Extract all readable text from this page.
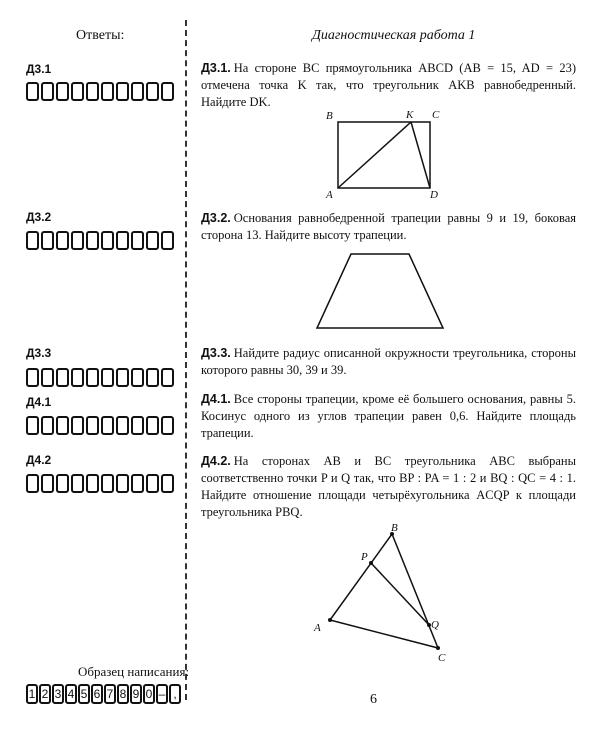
Ответы:	Диагностическая работа 1
Д3.1
Д3.2
Д3.3
Д4.1
Д4.2
Д3.1. На стороне BC прямоугольника ABCD (AB = 15, AD = 23) отмечена точка K так, что треугольник AKB равнобедренный. Найдите DK.
B	K C
A	D
Д3.2. Основания равнобедренной трапеции равны 9 и 19, боковая сторона 13. Найдите высоту трапеции.
Д3.3. Найдите радиус описанной окружности треугольника, стороны которого равны 30, 39 и 39.
Д4.1. Все стороны трапеции, кроме её большего основания, равны 5. Косинус одного из углов трапеции равен 0,6. Найдите площадь трапеции.
Д4.2. На сторонах AB и BC треугольника ABC выбраны соответственно точки P и Q так, что BP : PA = 1 : 2 и BQ : QC = 4 : 1. Найдите отношение площади четырёхугольника ACQP к площади треугольника PBQ.
B
P
A	Q
C
Образец написания:
1 2 3 4 5 6 7 8 9 0 – ,	6
